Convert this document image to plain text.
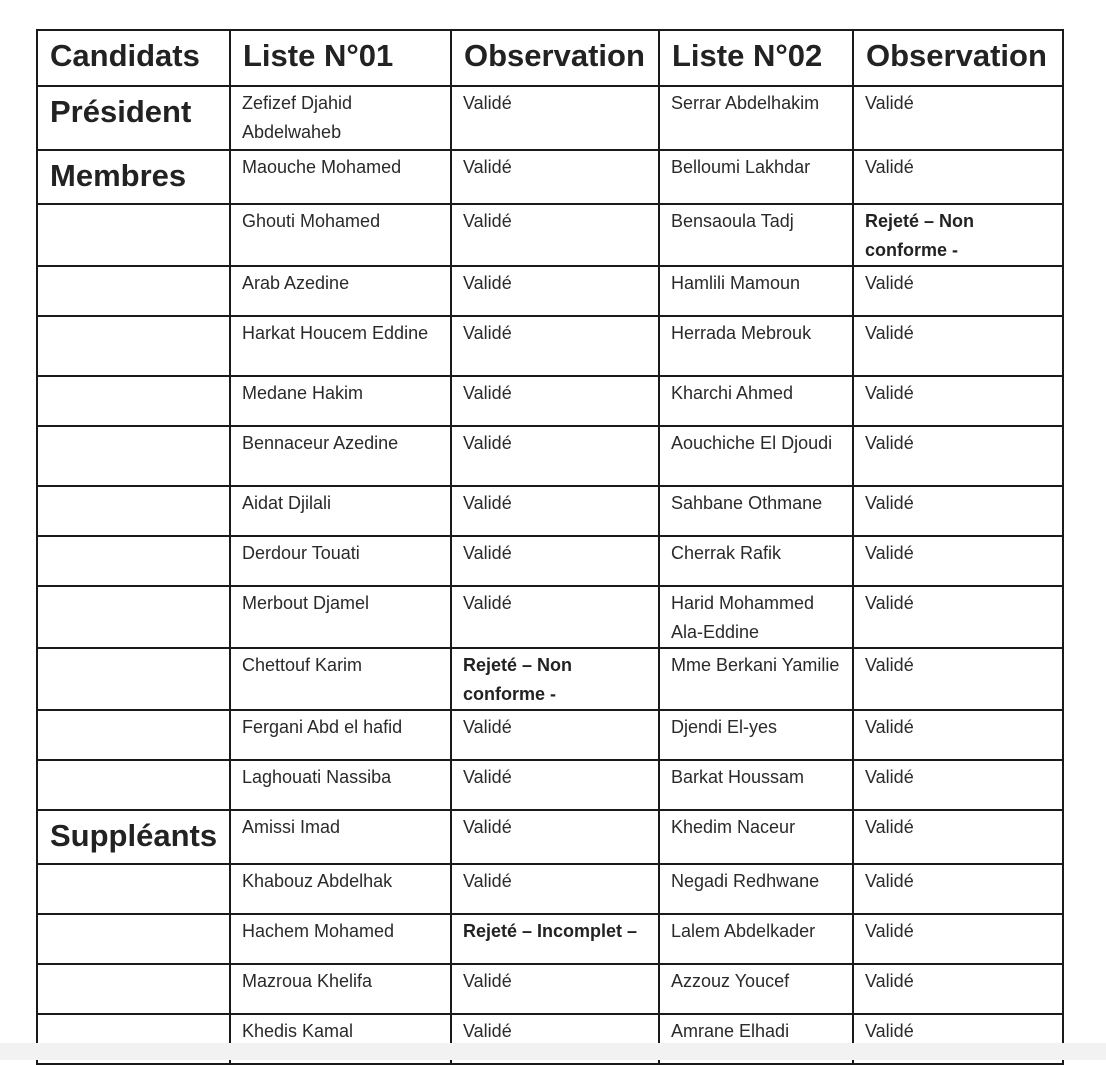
Candidats	Liste N°01	Observation	Liste N°02	Observation
Président	Zefizef Djahid Abdelwaheb	Validé	Serrar Abdelhakim	Validé
Membres	Maouche Mohamed	Validé	Belloumi Lakhdar	Validé
	Ghouti Mohamed	Validé	Bensaoula Tadj	Rejeté – Non conforme -
	Arab Azedine	Validé	Hamlili Mamoun	Validé
	Harkat Houcem Eddine	Validé	Herrada Mebrouk	Validé
	Medane Hakim	Validé	Kharchi Ahmed	Validé
	Bennaceur Azedine	Validé	Aouchiche El Djoudi	Validé
	Aidat Djilali	Validé	Sahbane Othmane	Validé
	Derdour Touati	Validé	Cherrak Rafik	Validé
	Merbout Djamel	Validé	Harid Mohammed Ala-Eddine	Validé
	Chettouf Karim	Rejeté – Non conforme -	Mme Berkani Yamilie	Validé
	Fergani Abd el hafid	Validé	Djendi El-yes	Validé
	Laghouati Nassiba	Validé	Barkat Houssam	Validé
Suppléants	Amissi Imad	Validé	Khedim Naceur	Validé
	Khabouz Abdelhak	Validé	Negadi Redhwane	Validé
	Hachem Mohamed	Rejeté – Incomplet –	Lalem Abdelkader	Validé
	Mazroua Khelifa	Validé	Azzouz Youcef	Validé
	Khedis Kamal	Validé	Amrane Elhadi	Validé
